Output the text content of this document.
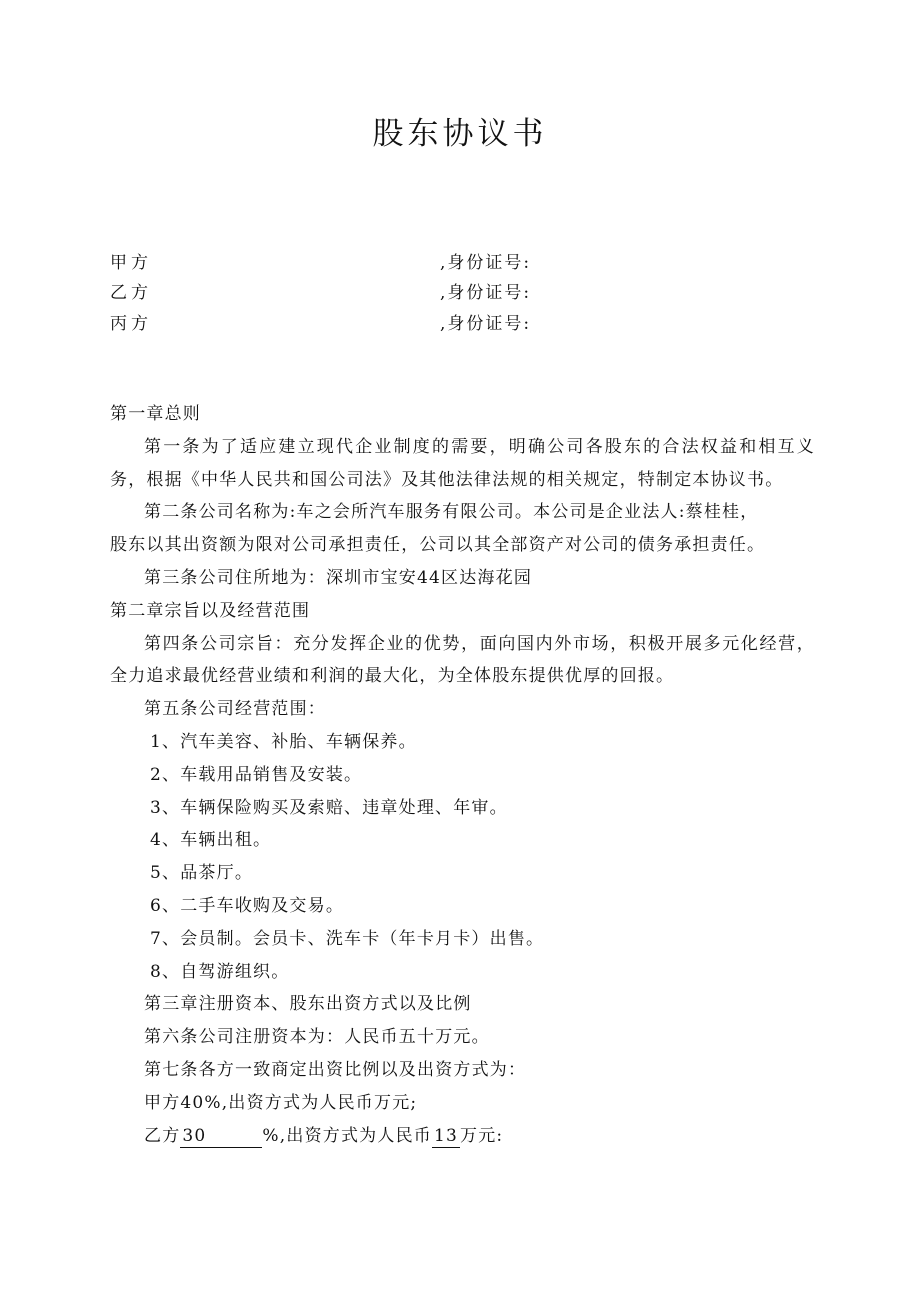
股东协议书
甲方	,身份证号:
乙方	,身份证号:
丙方	,身份证号:

第一章总则

第一条为了适应建立现代企业制度的需要，明确公司各股东的合法权益和相互义务，根据《中华人民共和国公司法》及其他法律法规的相关规定，特制定本协议书。

第二条公司名称为:车之会所汽车服务有限公司。本公司是企业法人:蔡桂桂，

股东以其出资额为限对公司承担责任，公司以其全部资产对公司的债务承担责任。

第三条公司住所地为：深圳市宝安44区达海花园

第二章宗旨以及经营范围

第四条公司宗旨：充分发挥企业的优势，面向国内外市场，积极开展多元化经营，全力追求最优经营业绩和利润的最大化，为全体股东提供优厚的回报。

第五条公司经营范围：

1、汽车美容、补胎、车辆保养。

2、车载用品销售及安装。

3、车辆保险购买及索赔、违章处理、年审。

4、车辆出租。

5、品茶厅。

6、二手车收购及交易。

7、会员制。会员卡、洗车卡（年卡月卡）出售。

8、自驾游组织。

第三章注册资本、股东出资方式以及比例

第六条公司注册资本为：人民币五十万元。

第七条各方一致商定出资比例以及出资方式为：

甲方40%,出资方式为人民币万元;

乙方 30	%,出资方式为人民币 13 万元:
